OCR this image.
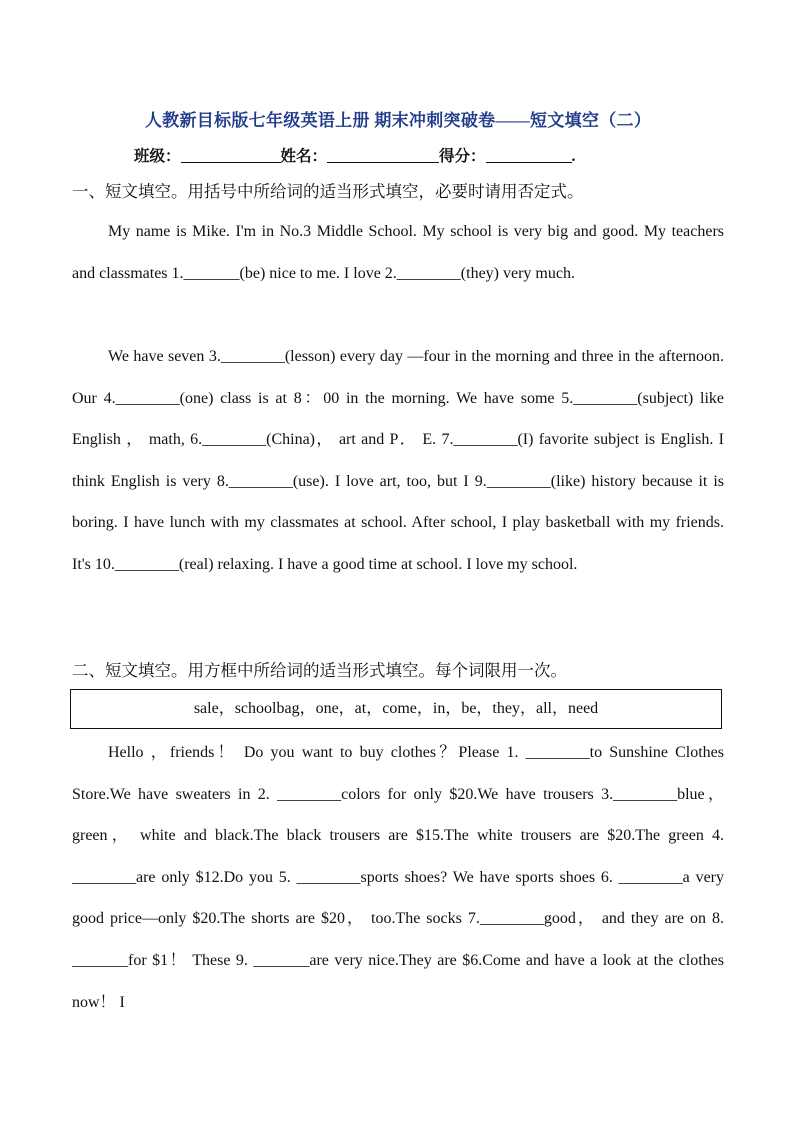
人教新目标版七年级英语上册 期末冲刺突破卷——短文填空（二）
班级：	姓名：	得分：	.
一、短文填空。用括号中所给词的适当形式填空，必要时请用否定式。

My name is Mike. I'm in No.3 Middle School. My school is very big and good. My teachers and classmates 1._______(be) nice to me. I love 2.________(they) very much.

We have seven 3.________(lesson) every day —four in the morning and three in the afternoon. Our 4.________(one) class is at 8：00 in the morning. We have some 5.________(subject) like English ， math, 6.________(China)， art and P． E. 7.________(I) favorite subject is English. I think English is very 8.________(use). I love art, too, but I 9.________(like) history because it is boring. I have lunch with my classmates at school. After school, I play basketball with my friends. It's 10.________(real) relaxing. I have a good time at school. I love my school.

二、短文填空。用方框中所给词的适当形式填空。每个词限用一次。
sale，schoolbag，one，at，come，in，be，they，all，need

Hello ，friends！ Do you want to buy clothes？Please 1. ________to Sunshine Clothes Store.We have sweaters in 2. ________colors for only $20.We have trousers 3.________blue， green， white and black.The black trousers are $15.The white trousers are $20.The green 4. ________are only $12.Do you 5. ________sports shoes? We have sports shoes 6. ________a very good price—only $20.The shorts are $20， too.The socks 7.________good， and they are on 8. _______for $1！ These 9. _______are very nice.They are $6.Come and have a look at the clothes now！ I
